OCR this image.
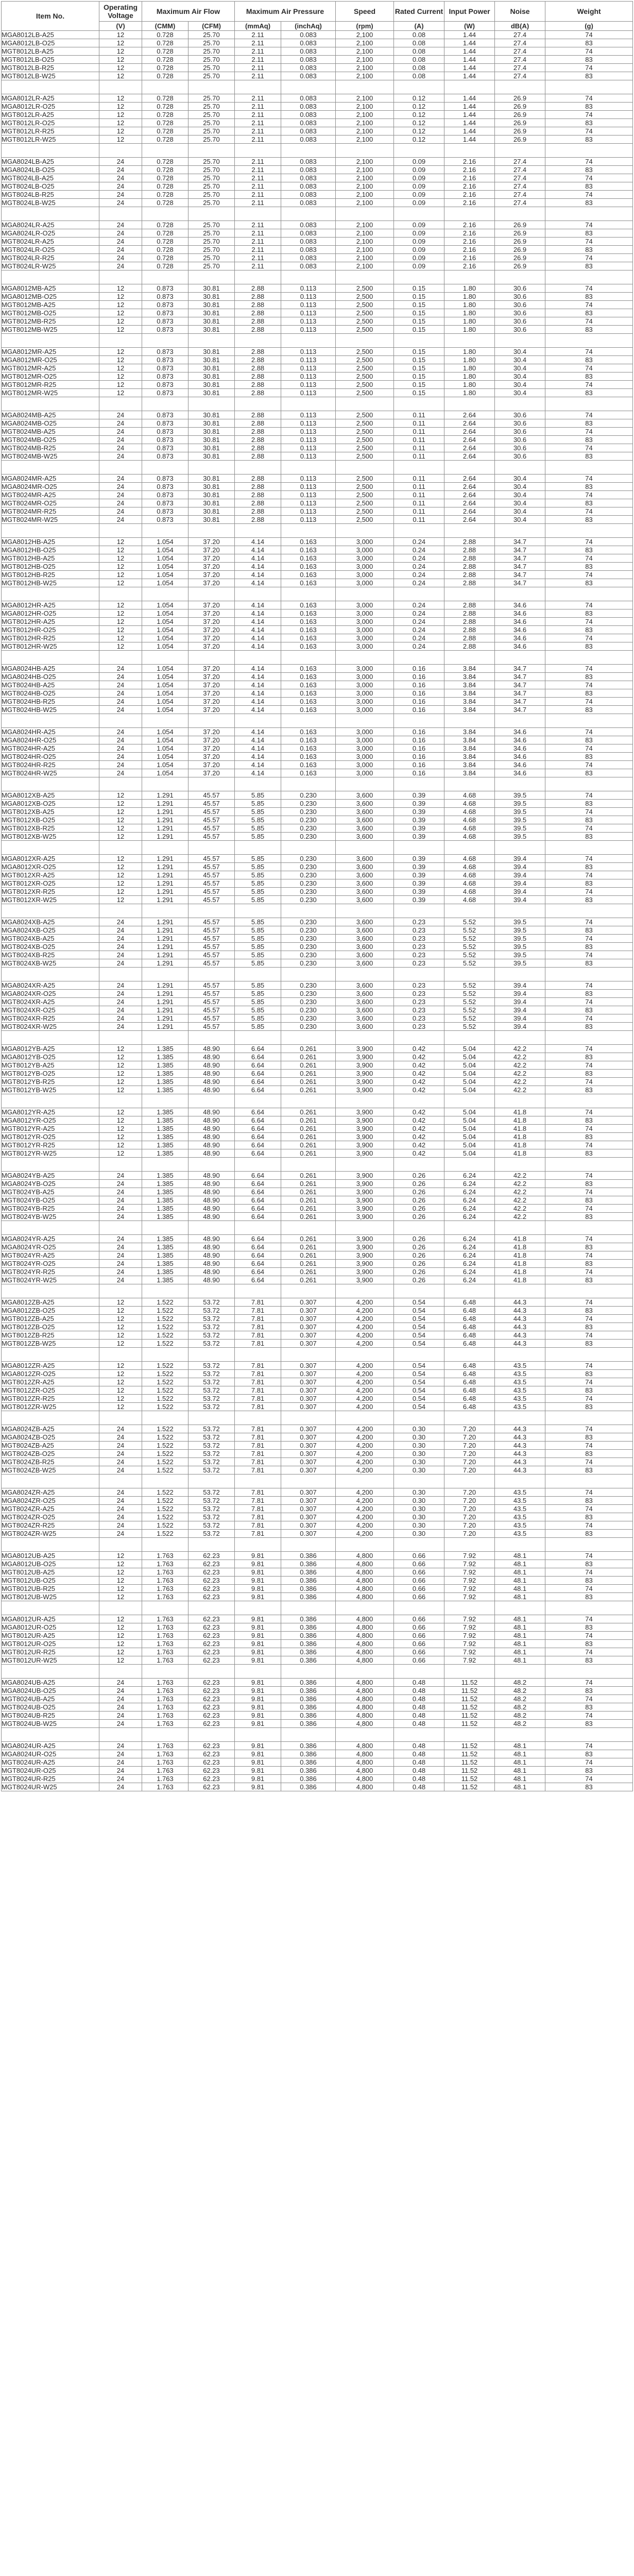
Item No.	Operating Voltage	Maximum Air Flow		Maximum Air Pressure		Speed	Rated Current	Input Power	Noise	Weight
	(V)	(CMM)	(CFM)	(mmAq)	(inchAq)	(rpm)	(A)	(W)	dB(A)	(g)
MGA8012LB-A25	12	0.728	25.70	2.11	0.083	2,100	0.08	1.44	27.4	74
MGA8012LB-O25	12	0.728	25.70	2.11	0.083	2,100	0.08	1.44	27.4	83
MGT8012LB-A25	12	0.728	25.70	2.11	0.083	2,100	0.08	1.44	27.4	74
MGT8012LB-O25	12	0.728	25.70	2.11	0.083	2,100	0.08	1.44	27.4	83
MGT8012LB-R25	12	0.728	25.70	2.11	0.083	2,100	0.08	1.44	27.4	74
MGT8012LB-W25	12	0.728	25.70	2.11	0.083	2,100	0.08	1.44	27.4	83

MGA8012LR-A25	12	0.728	25.70	2.11	0.083	2,100	0.12	1.44	26.9	74
MGA8012LR-O25	12	0.728	25.70	2.11	0.083	2,100	0.12	1.44	26.9	83
MGT8012LR-A25	12	0.728	25.70	2.11	0.083	2,100	0.12	1.44	26.9	74
MGT8012LR-O25	12	0.728	25.70	2.11	0.083	2,100	0.12	1.44	26.9	83
MGT8012LR-R25	12	0.728	25.70	2.11	0.083	2,100	0.12	1.44	26.9	74
MGT8012LR-W25	12	0.728	25.70	2.11	0.083	2,100	0.12	1.44	26.9	83

MGA8024LB-A25	24	0.728	25.70	2.11	0.083	2,100	0.09	2.16	27.4	74
MGA8024LB-O25	24	0.728	25.70	2.11	0.083	2,100	0.09	2.16	27.4	83
MGT8024LB-A25	24	0.728	25.70	2.11	0.083	2,100	0.09	2.16	27.4	74
MGT8024LB-O25	24	0.728	25.70	2.11	0.083	2,100	0.09	2.16	27.4	83
MGT8024LB-R25	24	0.728	25.70	2.11	0.083	2,100	0.09	2.16	27.4	74
MGT8024LB-W25	24	0.728	25.70	2.11	0.083	2,100	0.09	2.16	27.4	83

MGA8024LR-A25	24	0.728	25.70	2.11	0.083	2,100	0.09	2.16	26.9	74
MGA8024LR-O25	24	0.728	25.70	2.11	0.083	2,100	0.09	2.16	26.9	83
MGT8024LR-A25	24	0.728	25.70	2.11	0.083	2,100	0.09	2.16	26.9	74
MGT8024LR-O25	24	0.728	25.70	2.11	0.083	2,100	0.09	2.16	26.9	83
MGT8024LR-R25	24	0.728	25.70	2.11	0.083	2,100	0.09	2.16	26.9	74
MGT8024LR-W25	24	0.728	25.70	2.11	0.083	2,100	0.09	2.16	26.9	83

MGA8012MB-A25	12	0.873	30.81	2.88	0.113	2,500	0.15	1.80	30.6	74
MGA8012MB-O25	12	0.873	30.81	2.88	0.113	2,500	0.15	1.80	30.6	83
MGT8012MB-A25	12	0.873	30.81	2.88	0.113	2,500	0.15	1.80	30.6	74
MGT8012MB-O25	12	0.873	30.81	2.88	0.113	2,500	0.15	1.80	30.6	83
MGT8012MB-R25	12	0.873	30.81	2.88	0.113	2,500	0.15	1.80	30.6	74
MGT8012MB-W25	12	0.873	30.81	2.88	0.113	2,500	0.15	1.80	30.6	83

MGA8012MR-A25	12	0.873	30.81	2.88	0.113	2,500	0.15	1.80	30.4	74
MGA8012MR-O25	12	0.873	30.81	2.88	0.113	2,500	0.15	1.80	30.4	83
MGT8012MR-A25	12	0.873	30.81	2.88	0.113	2,500	0.15	1.80	30.4	74
MGT8012MR-O25	12	0.873	30.81	2.88	0.113	2,500	0.15	1.80	30.4	83
MGT8012MR-R25	12	0.873	30.81	2.88	0.113	2,500	0.15	1.80	30.4	74
MGT8012MR-W25	12	0.873	30.81	2.88	0.113	2,500	0.15	1.80	30.4	83

MGA8024MB-A25	24	0.873	30.81	2.88	0.113	2,500	0.11	2.64	30.6	74
MGA8024MB-O25	24	0.873	30.81	2.88	0.113	2,500	0.11	2.64	30.6	83
MGT8024MB-A25	24	0.873	30.81	2.88	0.113	2,500	0.11	2.64	30.6	74
MGT8024MB-O25	24	0.873	30.81	2.88	0.113	2,500	0.11	2.64	30.6	83
MGT8024MB-R25	24	0.873	30.81	2.88	0.113	2,500	0.11	2.64	30.6	74
MGT8024MB-W25	24	0.873	30.81	2.88	0.113	2,500	0.11	2.64	30.6	83

MGA8024MR-A25	24	0.873	30.81	2.88	0.113	2,500	0.11	2.64	30.4	74
MGA8024MR-O25	24	0.873	30.81	2.88	0.113	2,500	0.11	2.64	30.4	83
MGT8024MR-A25	24	0.873	30.81	2.88	0.113	2,500	0.11	2.64	30.4	74
MGT8024MR-O25	24	0.873	30.81	2.88	0.113	2,500	0.11	2.64	30.4	83
MGT8024MR-R25	24	0.873	30.81	2.88	0.113	2,500	0.11	2.64	30.4	74
MGT8024MR-W25	24	0.873	30.81	2.88	0.113	2,500	0.11	2.64	30.4	83

MGA8012HB-A25	12	1.054	37.20	4.14	0.163	3,000	0.24	2.88	34.7	74
MGA8012HB-O25	12	1.054	37.20	4.14	0.163	3,000	0.24	2.88	34.7	83
MGT8012HB-A25	12	1.054	37.20	4.14	0.163	3,000	0.24	2.88	34.7	74
MGT8012HB-O25	12	1.054	37.20	4.14	0.163	3,000	0.24	2.88	34.7	83
MGT8012HB-R25	12	1.054	37.20	4.14	0.163	3,000	0.24	2.88	34.7	74
MGT8012HB-W25	12	1.054	37.20	4.14	0.163	3,000	0.24	2.88	34.7	83

MGA8012HR-A25	12	1.054	37.20	4.14	0.163	3,000	0.24	2.88	34.6	74
MGA8012HR-O25	12	1.054	37.20	4.14	0.163	3,000	0.24	2.88	34.6	83
MGT8012HR-A25	12	1.054	37.20	4.14	0.163	3,000	0.24	2.88	34.6	74
MGT8012HR-O25	12	1.054	37.20	4.14	0.163	3,000	0.24	2.88	34.6	83
MGT8012HR-R25	12	1.054	37.20	4.14	0.163	3,000	0.24	2.88	34.6	74
MGT8012HR-W25	12	1.054	37.20	4.14	0.163	3,000	0.24	2.88	34.6	83

MGA8024HB-A25	24	1.054	37.20	4.14	0.163	3,000	0.16	3.84	34.7	74
MGA8024HB-O25	24	1.054	37.20	4.14	0.163	3,000	0.16	3.84	34.7	83
MGT8024HB-A25	24	1.054	37.20	4.14	0.163	3,000	0.16	3.84	34.7	74
MGT8024HB-O25	24	1.054	37.20	4.14	0.163	3,000	0.16	3.84	34.7	83
MGT8024HB-R25	24	1.054	37.20	4.14	0.163	3,000	0.16	3.84	34.7	74
MGT8024HB-W25	24	1.054	37.20	4.14	0.163	3,000	0.16	3.84	34.7	83

MGA8024HR-A25	24	1.054	37.20	4.14	0.163	3,000	0.16	3.84	34.6	74
MGA8024HR-O25	24	1.054	37.20	4.14	0.163	3,000	0.16	3.84	34.6	83
MGT8024HR-A25	24	1.054	37.20	4.14	0.163	3,000	0.16	3.84	34.6	74
MGT8024HR-O25	24	1.054	37.20	4.14	0.163	3,000	0.16	3.84	34.6	83
MGT8024HR-R25	24	1.054	37.20	4.14	0.163	3,000	0.16	3.84	34.6	74
MGT8024HR-W25	24	1.054	37.20	4.14	0.163	3,000	0.16	3.84	34.6	83

MGA8012XB-A25	12	1.291	45.57	5.85	0.230	3,600	0.39	4.68	39.5	74
MGA8012XB-O25	12	1.291	45.57	5.85	0.230	3,600	0.39	4.68	39.5	83
MGT8012XB-A25	12	1.291	45.57	5.85	0.230	3,600	0.39	4.68	39.5	74
MGT8012XB-O25	12	1.291	45.57	5.85	0.230	3,600	0.39	4.68	39.5	83
MGT8012XB-R25	12	1.291	45.57	5.85	0.230	3,600	0.39	4.68	39.5	74
MGT8012XB-W25	12	1.291	45.57	5.85	0.230	3,600	0.39	4.68	39.5	83

MGA8012XR-A25	12	1.291	45.57	5.85	0.230	3,600	0.39	4.68	39.4	74
MGA8012XR-O25	12	1.291	45.57	5.85	0.230	3,600	0.39	4.68	39.4	83
MGT8012XR-A25	12	1.291	45.57	5.85	0.230	3,600	0.39	4.68	39.4	74
MGT8012XR-O25	12	1.291	45.57	5.85	0.230	3,600	0.39	4.68	39.4	83
MGT8012XR-R25	12	1.291	45.57	5.85	0.230	3,600	0.39	4.68	39.4	74
MGT8012XR-W25	12	1.291	45.57	5.85	0.230	3,600	0.39	4.68	39.4	83

MGA8024XB-A25	24	1.291	45.57	5.85	0.230	3,600	0.23	5.52	39.5	74
MGA8024XB-O25	24	1.291	45.57	5.85	0.230	3,600	0.23	5.52	39.5	83
MGT8024XB-A25	24	1.291	45.57	5.85	0.230	3,600	0.23	5.52	39.5	74
MGT8024XB-O25	24	1.291	45.57	5.85	0.230	3,600	0.23	5.52	39.5	83
MGT8024XB-R25	24	1.291	45.57	5.85	0.230	3,600	0.23	5.52	39.5	74
MGT8024XB-W25	24	1.291	45.57	5.85	0.230	3,600	0.23	5.52	39.5	83

MGA8024XR-A25	24	1.291	45.57	5.85	0.230	3,600	0.23	5.52	39.4	74
MGA8024XR-O25	24	1.291	45.57	5.85	0.230	3,600	0.23	5.52	39.4	83
MGT8024XR-A25	24	1.291	45.57	5.85	0.230	3,600	0.23	5.52	39.4	74
MGT8024XR-O25	24	1.291	45.57	5.85	0.230	3,600	0.23	5.52	39.4	83
MGT8024XR-R25	24	1.291	45.57	5.85	0.230	3,600	0.23	5.52	39.4	74
MGT8024XR-W25	24	1.291	45.57	5.85	0.230	3,600	0.23	5.52	39.4	83

MGA8012YB-A25	12	1.385	48.90	6.64	0.261	3,900	0.42	5.04	42.2	74
MGA8012YB-O25	12	1.385	48.90	6.64	0.261	3,900	0.42	5.04	42.2	83
MGT8012YB-A25	12	1.385	48.90	6.64	0.261	3,900	0.42	5.04	42.2	74
MGT8012YB-O25	12	1.385	48.90	6.64	0.261	3,900	0.42	5.04	42.2	83
MGT8012YB-R25	12	1.385	48.90	6.64	0.261	3,900	0.42	5.04	42.2	74
MGT8012YB-W25	12	1.385	48.90	6.64	0.261	3,900	0.42	5.04	42.2	83

MGA8012YR-A25	12	1.385	48.90	6.64	0.261	3,900	0.42	5.04	41.8	74
MGA8012YR-O25	12	1.385	48.90	6.64	0.261	3,900	0.42	5.04	41.8	83
MGT8012YR-A25	12	1.385	48.90	6.64	0.261	3,900	0.42	5.04	41.8	74
MGT8012YR-O25	12	1.385	48.90	6.64	0.261	3,900	0.42	5.04	41.8	83
MGT8012YR-R25	12	1.385	48.90	6.64	0.261	3,900	0.42	5.04	41.8	74
MGT8012YR-W25	12	1.385	48.90	6.64	0.261	3,900	0.42	5.04	41.8	83

MGA8024YB-A25	24	1.385	48.90	6.64	0.261	3,900	0.26	6.24	42.2	74
MGA8024YB-O25	24	1.385	48.90	6.64	0.261	3,900	0.26	6.24	42.2	83
MGT8024YB-A25	24	1.385	48.90	6.64	0.261	3,900	0.26	6.24	42.2	74
MGT8024YB-O25	24	1.385	48.90	6.64	0.261	3,900	0.26	6.24	42.2	83
MGT8024YB-R25	24	1.385	48.90	6.64	0.261	3,900	0.26	6.24	42.2	74
MGT8024YB-W25	24	1.385	48.90	6.64	0.261	3,900	0.26	6.24	42.2	83

MGA8024YR-A25	24	1.385	48.90	6.64	0.261	3,900	0.26	6.24	41.8	74
MGA8024YR-O25	24	1.385	48.90	6.64	0.261	3,900	0.26	6.24	41.8	83
MGT8024YR-A25	24	1.385	48.90	6.64	0.261	3,900	0.26	6.24	41.8	74
MGT8024YR-O25	24	1.385	48.90	6.64	0.261	3,900	0.26	6.24	41.8	83
MGT8024YR-R25	24	1.385	48.90	6.64	0.261	3,900	0.26	6.24	41.8	74
MGT8024YR-W25	24	1.385	48.90	6.64	0.261	3,900	0.26	6.24	41.8	83

MGA8012ZB-A25	12	1.522	53.72	7.81	0.307	4,200	0.54	6.48	44.3	74
MGA8012ZB-O25	12	1.522	53.72	7.81	0.307	4,200	0.54	6.48	44.3	83
MGT8012ZB-A25	12	1.522	53.72	7.81	0.307	4,200	0.54	6.48	44.3	74
MGT8012ZB-O25	12	1.522	53.72	7.81	0.307	4,200	0.54	6.48	44.3	83
MGT8012ZB-R25	12	1.522	53.72	7.81	0.307	4,200	0.54	6.48	44.3	74
MGT8012ZB-W25	12	1.522	53.72	7.81	0.307	4,200	0.54	6.48	44.3	83

MGA8012ZR-A25	12	1.522	53.72	7.81	0.307	4,200	0.54	6.48	43.5	74
MGA8012ZR-O25	12	1.522	53.72	7.81	0.307	4,200	0.54	6.48	43.5	83
MGT8012ZR-A25	12	1.522	53.72	7.81	0.307	4,200	0.54	6.48	43.5	74
MGT8012ZR-O25	12	1.522	53.72	7.81	0.307	4,200	0.54	6.48	43.5	83
MGT8012ZR-R25	12	1.522	53.72	7.81	0.307	4,200	0.54	6.48	43.5	74
MGT8012ZR-W25	12	1.522	53.72	7.81	0.307	4,200	0.54	6.48	43.5	83

MGA8024ZB-A25	24	1.522	53.72	7.81	0.307	4,200	0.30	7.20	44.3	74
MGA8024ZB-O25	24	1.522	53.72	7.81	0.307	4,200	0.30	7.20	44.3	83
MGT8024ZB-A25	24	1.522	53.72	7.81	0.307	4,200	0.30	7.20	44.3	74
MGT8024ZB-O25	24	1.522	53.72	7.81	0.307	4,200	0.30	7.20	44.3	83
MGT8024ZB-R25	24	1.522	53.72	7.81	0.307	4,200	0.30	7.20	44.3	74
MGT8024ZB-W25	24	1.522	53.72	7.81	0.307	4,200	0.30	7.20	44.3	83

MGA8024ZR-A25	24	1.522	53.72	7.81	0.307	4,200	0.30	7.20	43.5	74
MGA8024ZR-O25	24	1.522	53.72	7.81	0.307	4,200	0.30	7.20	43.5	83
MGT8024ZR-A25	24	1.522	53.72	7.81	0.307	4,200	0.30	7.20	43.5	74
MGT8024ZR-O25	24	1.522	53.72	7.81	0.307	4,200	0.30	7.20	43.5	83
MGT8024ZR-R25	24	1.522	53.72	7.81	0.307	4,200	0.30	7.20	43.5	74
MGT8024ZR-W25	24	1.522	53.72	7.81	0.307	4,200	0.30	7.20	43.5	83

MGA8012UB-A25	12	1.763	62.23	9.81	0.386	4,800	0.66	7.92	48.1	74
MGA8012UB-O25	12	1.763	62.23	9.81	0.386	4,800	0.66	7.92	48.1	83
MGT8012UB-A25	12	1.763	62.23	9.81	0.386	4,800	0.66	7.92	48.1	74
MGT8012UB-O25	12	1.763	62.23	9.81	0.386	4,800	0.66	7.92	48.1	83
MGT8012UB-R25	12	1.763	62.23	9.81	0.386	4,800	0.66	7.92	48.1	74
MGT8012UB-W25	12	1.763	62.23	9.81	0.386	4,800	0.66	7.92	48.1	83

MGA8012UR-A25	12	1.763	62.23	9.81	0.386	4,800	0.66	7.92	48.1	74
MGA8012UR-O25	12	1.763	62.23	9.81	0.386	4,800	0.66	7.92	48.1	83
MGT8012UR-A25	12	1.763	62.23	9.81	0.386	4,800	0.66	7.92	48.1	74
MGT8012UR-O25	12	1.763	62.23	9.81	0.386	4,800	0.66	7.92	48.1	83
MGT8012UR-R25	12	1.763	62.23	9.81	0.386	4,800	0.66	7.92	48.1	74
MGT8012UR-W25	12	1.763	62.23	9.81	0.386	4,800	0.66	7.92	48.1	83

MGA8024UB-A25	24	1.763	62.23	9.81	0.386	4,800	0.48	11.52	48.2	74
MGA8024UB-O25	24	1.763	62.23	9.81	0.386	4,800	0.48	11.52	48.2	83
MGT8024UB-A25	24	1.763	62.23	9.81	0.386	4,800	0.48	11.52	48.2	74
MGT8024UB-O25	24	1.763	62.23	9.81	0.386	4,800	0.48	11.52	48.2	83
MGT8024UB-R25	24	1.763	62.23	9.81	0.386	4,800	0.48	11.52	48.2	74
MGT8024UB-W25	24	1.763	62.23	9.81	0.386	4,800	0.48	11.52	48.2	83

MGA8024UR-A25	24	1.763	62.23	9.81	0.386	4,800	0.48	11.52	48.1	74
MGA8024UR-O25	24	1.763	62.23	9.81	0.386	4,800	0.48	11.52	48.1	83
MGT8024UR-A25	24	1.763	62.23	9.81	0.386	4,800	0.48	11.52	48.1	74
MGT8024UR-O25	24	1.763	62.23	9.81	0.386	4,800	0.48	11.52	48.1	83
MGT8024UR-R25	24	1.763	62.23	9.81	0.386	4,800	0.48	11.52	48.1	74
MGT8024UR-W25	24	1.763	62.23	9.81	0.386	4,800	0.48	11.52	48.1	83
